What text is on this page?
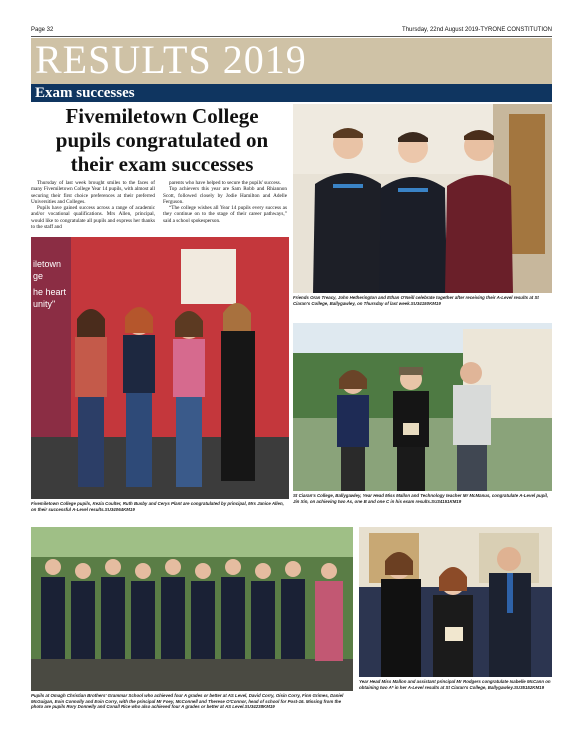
Page 32	Thursday, 22nd August 2019-TYRONE CONSTITUTION
RESULTS 2019
Exam successes
Fivemiletown College
pupils congratulated on
their exam successes

Thursday of last week brought smiles to the faces of many Fivemiletown College Year 14 pupils, with almost all securing their first choice preferences at their preferred Universities and Colleges.

Pupils have gained success across a range of academic and/or vocational qualifications. Mrs Allen, principal, would like to congratulate all pupils and express her thanks to the staff and

parents who have helped to secure the pupils' success.

Top achievers this year are Sam Robb and Rhiannon Scott, followed closely by Jodie Hamilton and Adelle Ferguson.

“The college wishes all Year 14 pupils every success as they continue on to the stage of their career pathways,” said a school spokesperson.

Friends Oran Treacy, John Hetherington and Ethan O'Neill celebrate together after receiving their A-Level results at St Ciaran's College, Ballygawley, on Thursday of last week.SU34150KM19
iletown
ge
he heart
unity"
Fivemiletown College pupils, Kezia Coulter, Ruth Busby and Cerys Plant are congratulated by principal, Mrs Janice Allen, on their successful A-Level results.SU34064KM19
St Ciaran's College, Ballygawley, Year Head Miss Mallon and Technology teacher Mr McManus, congratulate A-Level pupil, Jin Xin, on achieving two As, one B and one C in his exam results.SU34151KM19
Pupils at Omagh Christian Brothers' Grammar School who achieved four A grades or better at AS Level, David Corry, Oisin Corry, Finn Grimes, Daniel McGuigan, Eoin Connolly and Eoin Corry, with the principal Mr Foey, McConnell and Therese O'Connor, head of school for Post-16. Missing from the photo are pupils Rory Donnelly and Conall Rice who also achieved four A grades or better at AS Level.SU34238KM19
Year Head Miss Mallon and assistant principal Mr Rodgers congratulate Isabelle McCann on obtaining two A* in her A-Level results at St Ciaran's College, Ballygawley.SU35152KM19
